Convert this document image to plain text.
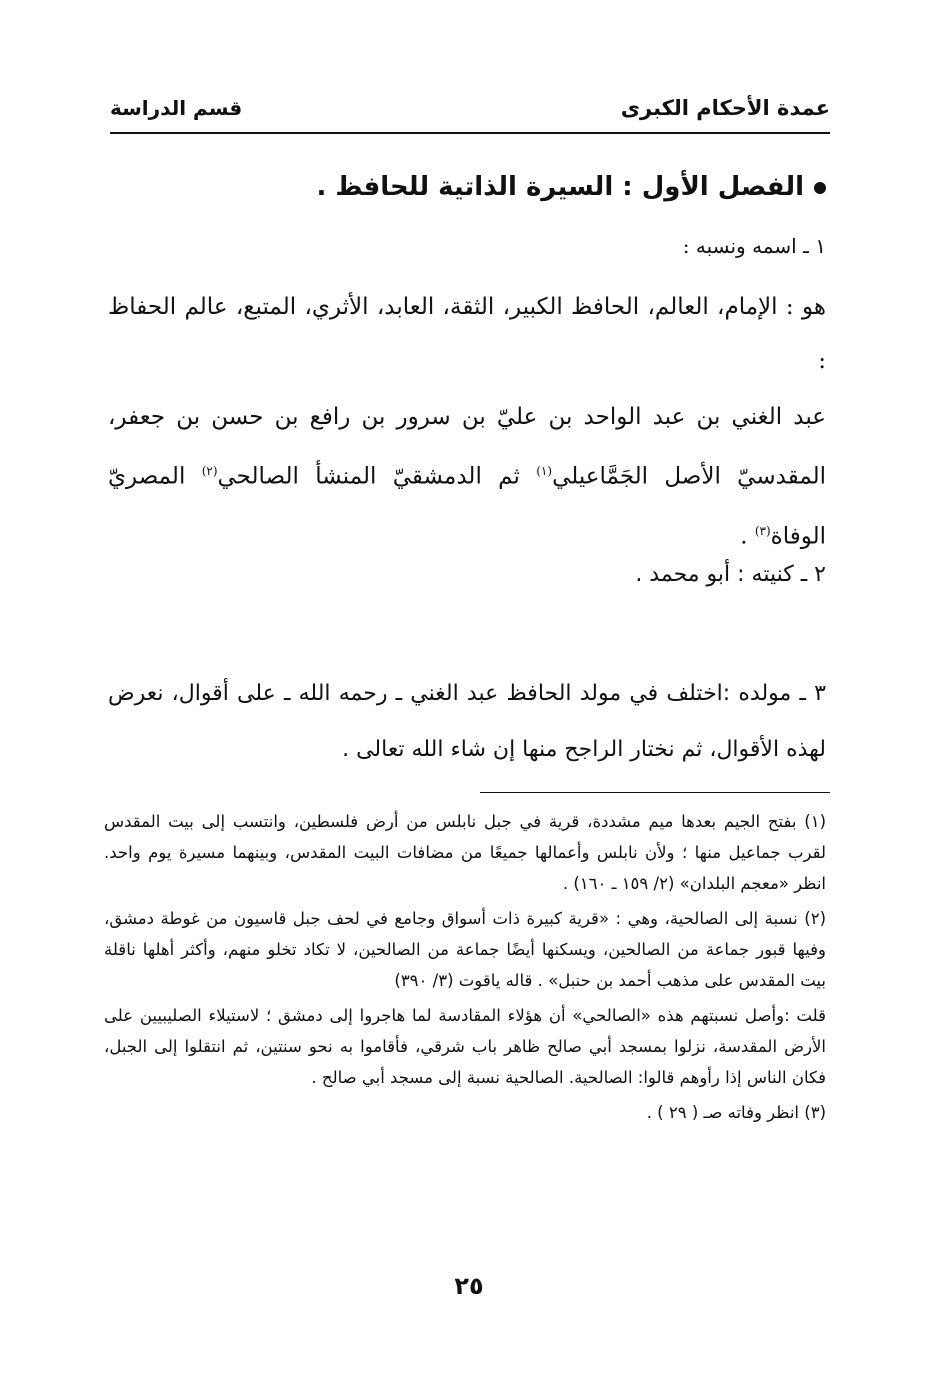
عمدة الأحكام الكبرى
قسم الدراسة
الفصل الأول : السيرة الذاتية للحافظ .
١ ـ اسمه ونسبه :
هو : الإمام، العالم، الحافظ الكبير، الثقة، العابد، الأثري، المتبع، عالم الحفاظ :
عبد الغني بن عبد الواحد بن عليّ بن سرور بن رافع بن حسن بن جعفر، المقدسيّ الأصل الجَمَّاعيلي$^{(١)}$ ثم الدمشقيّ المنشأ الصالحي$^{(٢)}$ المصريّ الوفاة$^{(٣)}$ .
٢ ـ كنيته : أبو محمد .
٣ ـ مولده :اختلف في مولد الحافظ عبد الغني ـ رحمه الله ـ على أقوال، نعرض لهذه الأقوال، ثم نختار الراجح منها إن شاء الله تعالى .

(١) بفتح الجيم بعدها ميم مشددة، قرية في جبل نابلس من أرض فلسطين، وانتسب إلى بيت المقدس لقرب جماعيل منها ؛ ولأن نابلس وأعمالها جميعًا من مضافات البيت المقدس، وبينهما مسيرة يوم واحد. انظر «معجم البلدان» (٢/ ١٥٩ ـ ١٦٠) .

(٢) نسبة إلى الصالحية، وهي : «قرية كبيرة ذات أسواق وجامع في لحف جبل قاسيون من غوطة دمشق، وفيها قبور جماعة من الصالحين، ويسكنها أيضًا جماعة من الصالحين، لا تكاد تخلو منهم، وأكثر أهلها ناقلة بيت المقدس على مذهب أحمد بن حنبل» . قاله ياقوت (٣/ ٣٩٠)

قلت :وأصل نسبتهم هذه «الصالحي» أن هؤلاء المقادسة لما هاجروا إلى دمشق ؛ لاستيلاء الصليبيين على الأرض المقدسة، نزلوا بمسجد أبي صالح ظاهر باب شرقي، فأقاموا به نحو سنتين، ثم انتقلوا إلى الجبل، فكان الناس إذا رأوهم قالوا: الصالحية. الصالحية نسبة إلى مسجد أبي صالح .

(٣) انظر وفاته صـ ( ٢٩ ) .

٢٥
